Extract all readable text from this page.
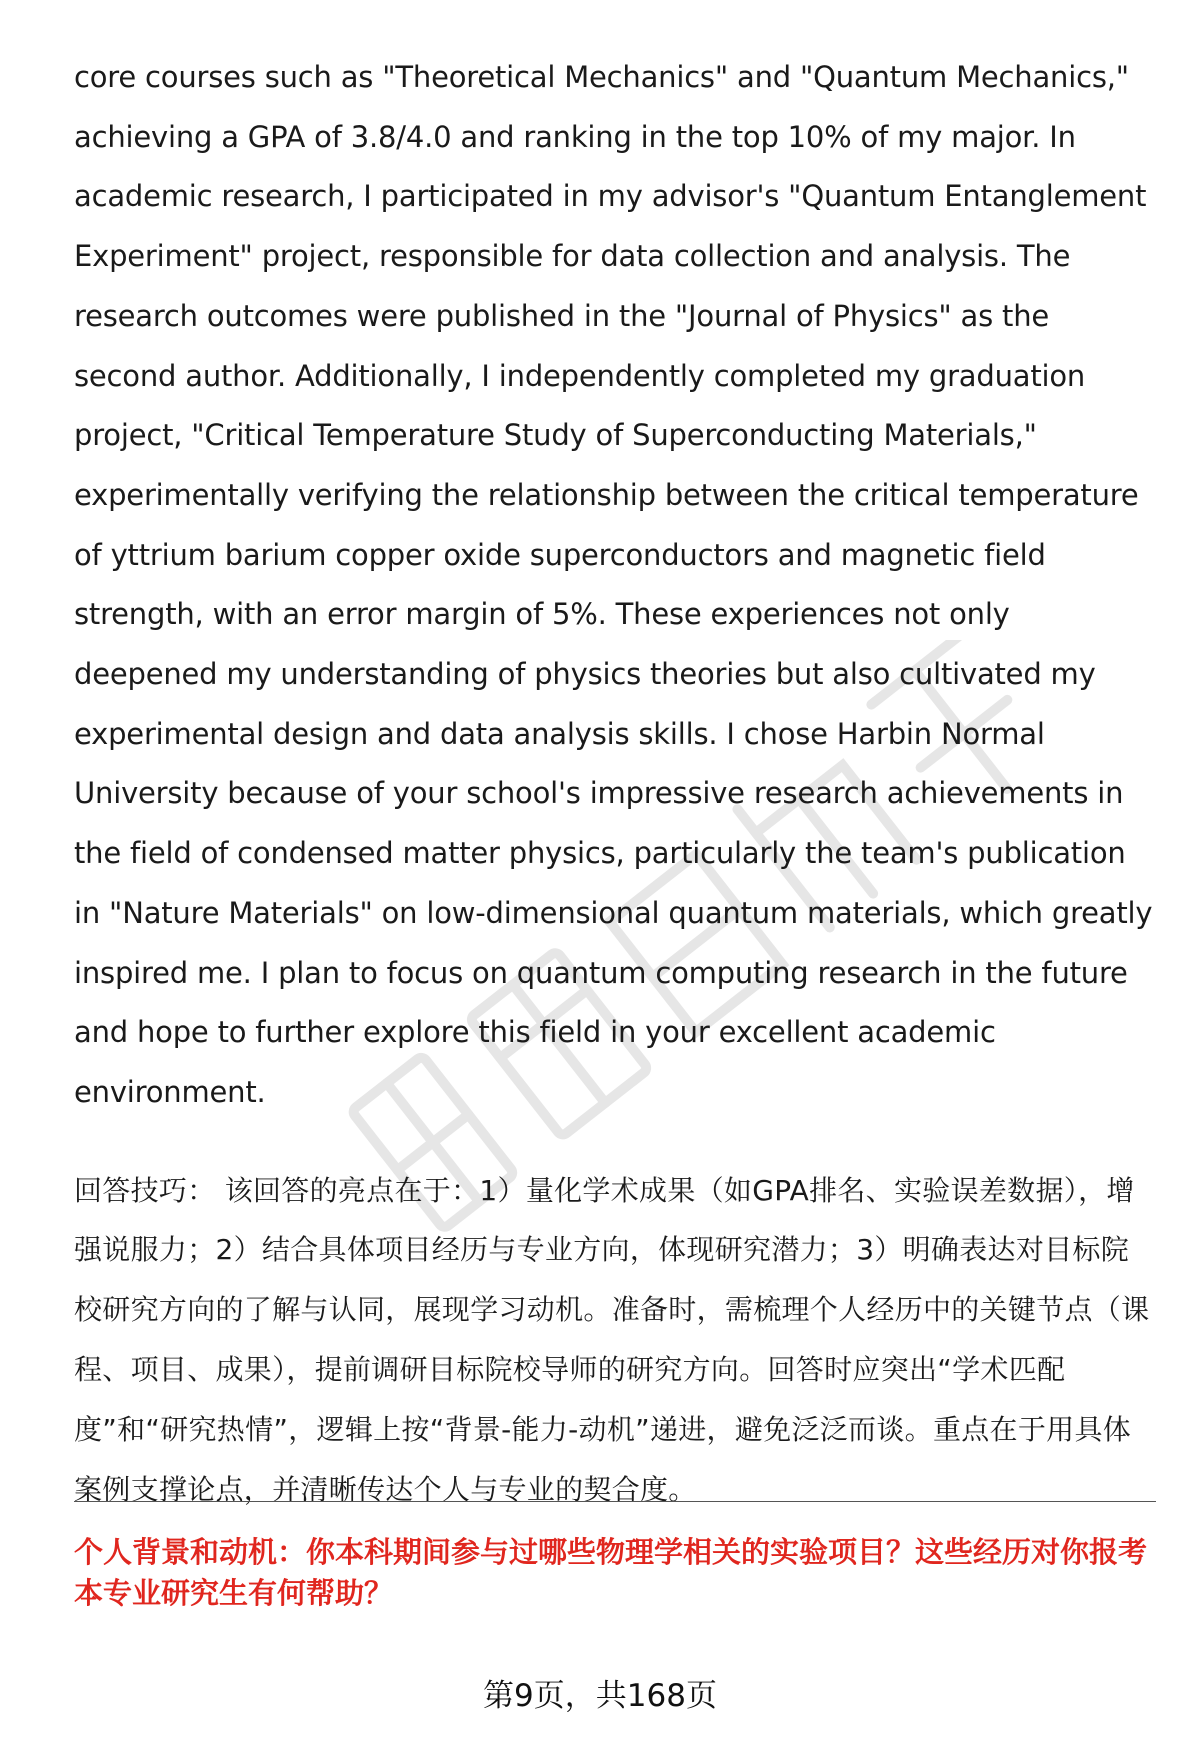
core courses such as "Theoretical Mechanics" and "Quantum Mechanics," achieving a GPA of 3.8/4.0 and ranking in the top 10% of my major. In academic research, I participated in my advisor's "Quantum Entanglement Experiment" project, responsible for data collection and analysis. The research outcomes were published in the "Journal of Physics" as the second author. Additionally, I independently completed my graduation project, "Critical Temperature Study of Superconducting Materials," experimentally verifying the relationship between the critical temperature of yttrium barium copper oxide superconductors and magnetic field strength, with an error margin of 5%. These experiences not only deepened my understanding of physics theories but also cultivated my experimental design and data analysis skills. I chose Harbin Normal University because of your school's impressive research achievements in the field of condensed matter physics, particularly the team's publication in "Nature Materials" on low-dimensional quantum materials, which greatly inspired me. I plan to focus on quantum computing research in the future and hope to further explore this field in your excellent academic environment.

回答技巧： 该回答的亮点在于：1）量化学术成果（如GPA排名、实验误差数据），增强说服力；2）结合具体项目经历与专业方向，体现研究潜力；3）明确表达对目标院校研究方向的了解与认同，展现学习动机。准备时，需梳理个人经历中的关键节点（课程、项目、成果），提前调研目标院校导师的研究方向。回答时应突出“学术匹配度”和“研究热情”，逻辑上按“背景-能力-动机”递进，避免泛泛而谈。重点在于用具体案例支撑论点，并清晰传达个人与专业的契合度。

个人背景和动机：你本科期间参与过哪些物理学相关的实验项目？这些经历对你报考本专业研究生有何帮助？

第9页，共168页
